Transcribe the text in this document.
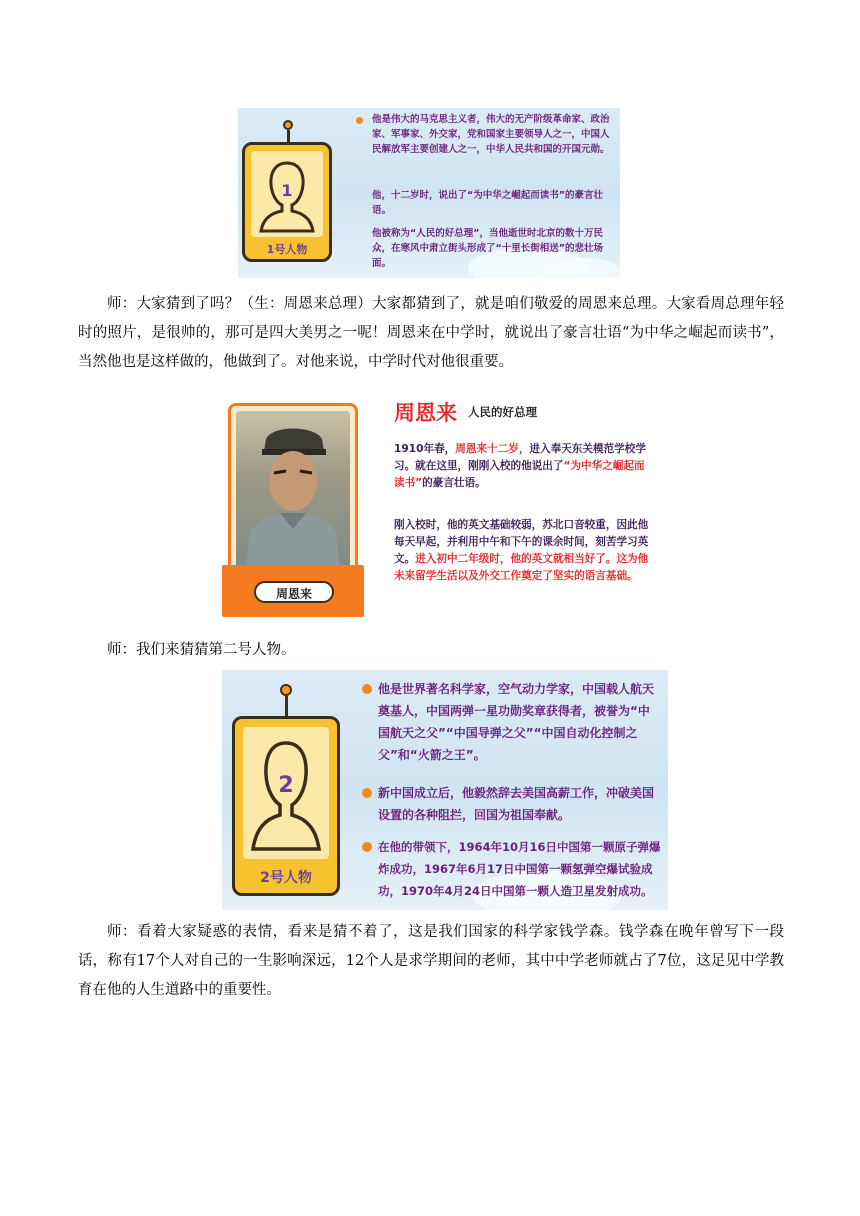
1
1号人物
他是伟大的马克思主义者，伟大的无产阶级革命家、政治家、军事家、外交家，党和国家主要领导人之一，中国人民解放军主要创建人之一，中华人民共和国的开国元勋。
他，十二岁时，说出了“为中华之崛起而读书”的豪言壮语。
他被称为“人民的好总理”，当他逝世时北京的数十万民众，在寒风中肃立街头形成了“十里长街相送”的悲壮场面。

师：大家猜到了吗？（生：周恩来总理）大家都猜到了，就是咱们敬爱的周恩来总理。大家看周总理年轻时的照片，是很帅的，那可是四大美男之一呢！周恩来在中学时，就说出了豪言壮语“为中华之崛起而读书”，当然他也是这样做的，他做到了。对他来说，中学时代对他很重要。

周恩来
周恩来 人民的好总理
1910年春，周恩来十二岁，进入奉天东关模范学校学习。就在这里，刚刚入校的他说出了“为中华之崛起而读书”的豪言壮语。
刚入校时，他的英文基础较弱，苏北口音较重，因此他每天早起，并利用中午和下午的课余时间，刻苦学习英文。进入初中二年级时，他的英文就相当好了。这为他未来留学生活以及外交工作奠定了坚实的语言基础。

师：我们来猜猜第二号人物。

2
2号人物
他是世界著名科学家，空气动力学家，中国载人航天奠基人，中国两弹一星功勋奖章获得者，被誉为“中国航天之父”“中国导弹之父”“中国自动化控制之父”和“火箭之王”。
新中国成立后，他毅然辞去美国高薪工作，冲破美国设置的各种阻拦，回国为祖国奉献。
在他的带领下，1964年10月16日中国第一颗原子弹爆炸成功，1967年6月17日中国第一颗氢弹空爆试验成功，1970年4月24日中国第一颗人造卫星发射成功。

师：看着大家疑惑的表情，看来是猜不着了，这是我们国家的科学家钱学森。钱学森在晚年曾写下一段话，称有17个人对自己的一生影响深远，12个人是求学期间的老师，其中中学老师就占了7位，这足见中学教育在他的人生道路中的重要性。
